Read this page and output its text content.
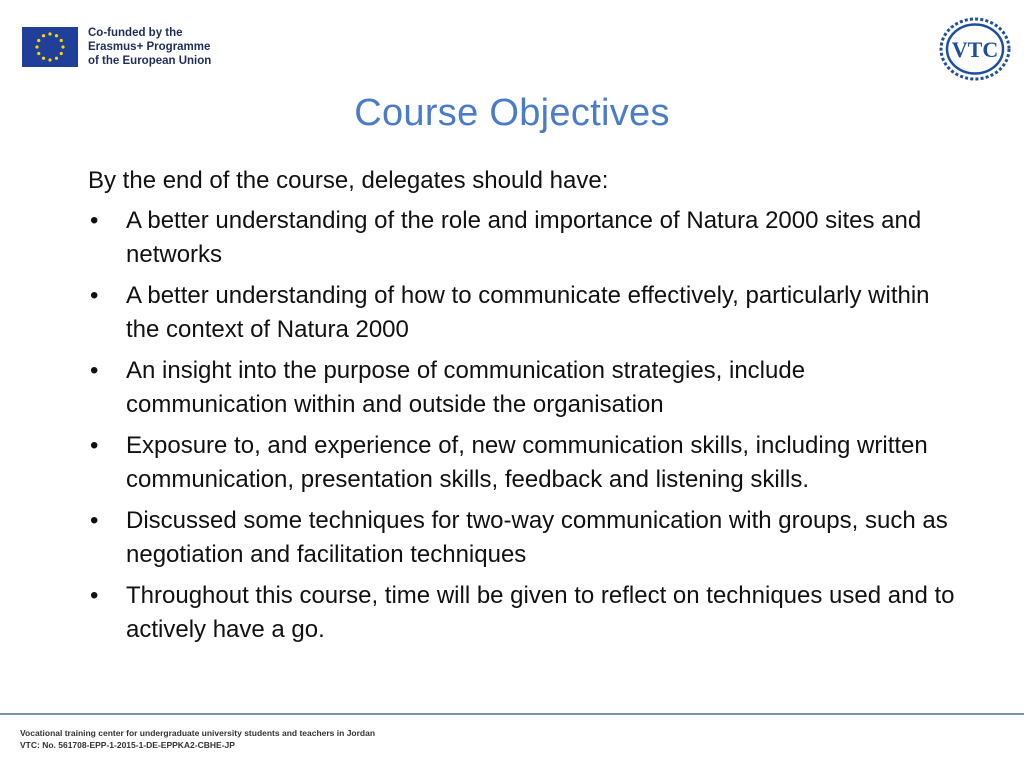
Co-funded by the
Erasmus+ Programme
of the European Union	VTC
Course Objectives

By the end of the course, delegates should have:

• A better understanding of the role and importance of Natura 2000 sites and networks
• A better understanding of how to communicate effectively, particularly within the context of Natura 2000
• An insight into the purpose of communication strategies, include communication within and outside the organisation
• Exposure to, and experience of, new communication skills, including written communication, presentation skills, feedback and listening skills.
• Discussed some techniques for two-way communication with groups, such as negotiation and facilitation techniques
• Throughout this course, time will be given to reflect on techniques used and to actively have a go.
Vocational training center for undergraduate university students and teachers in Jordan
VTC: No. 561708-EPP-1-2015-1-DE-EPPKA2-CBHE-JP
